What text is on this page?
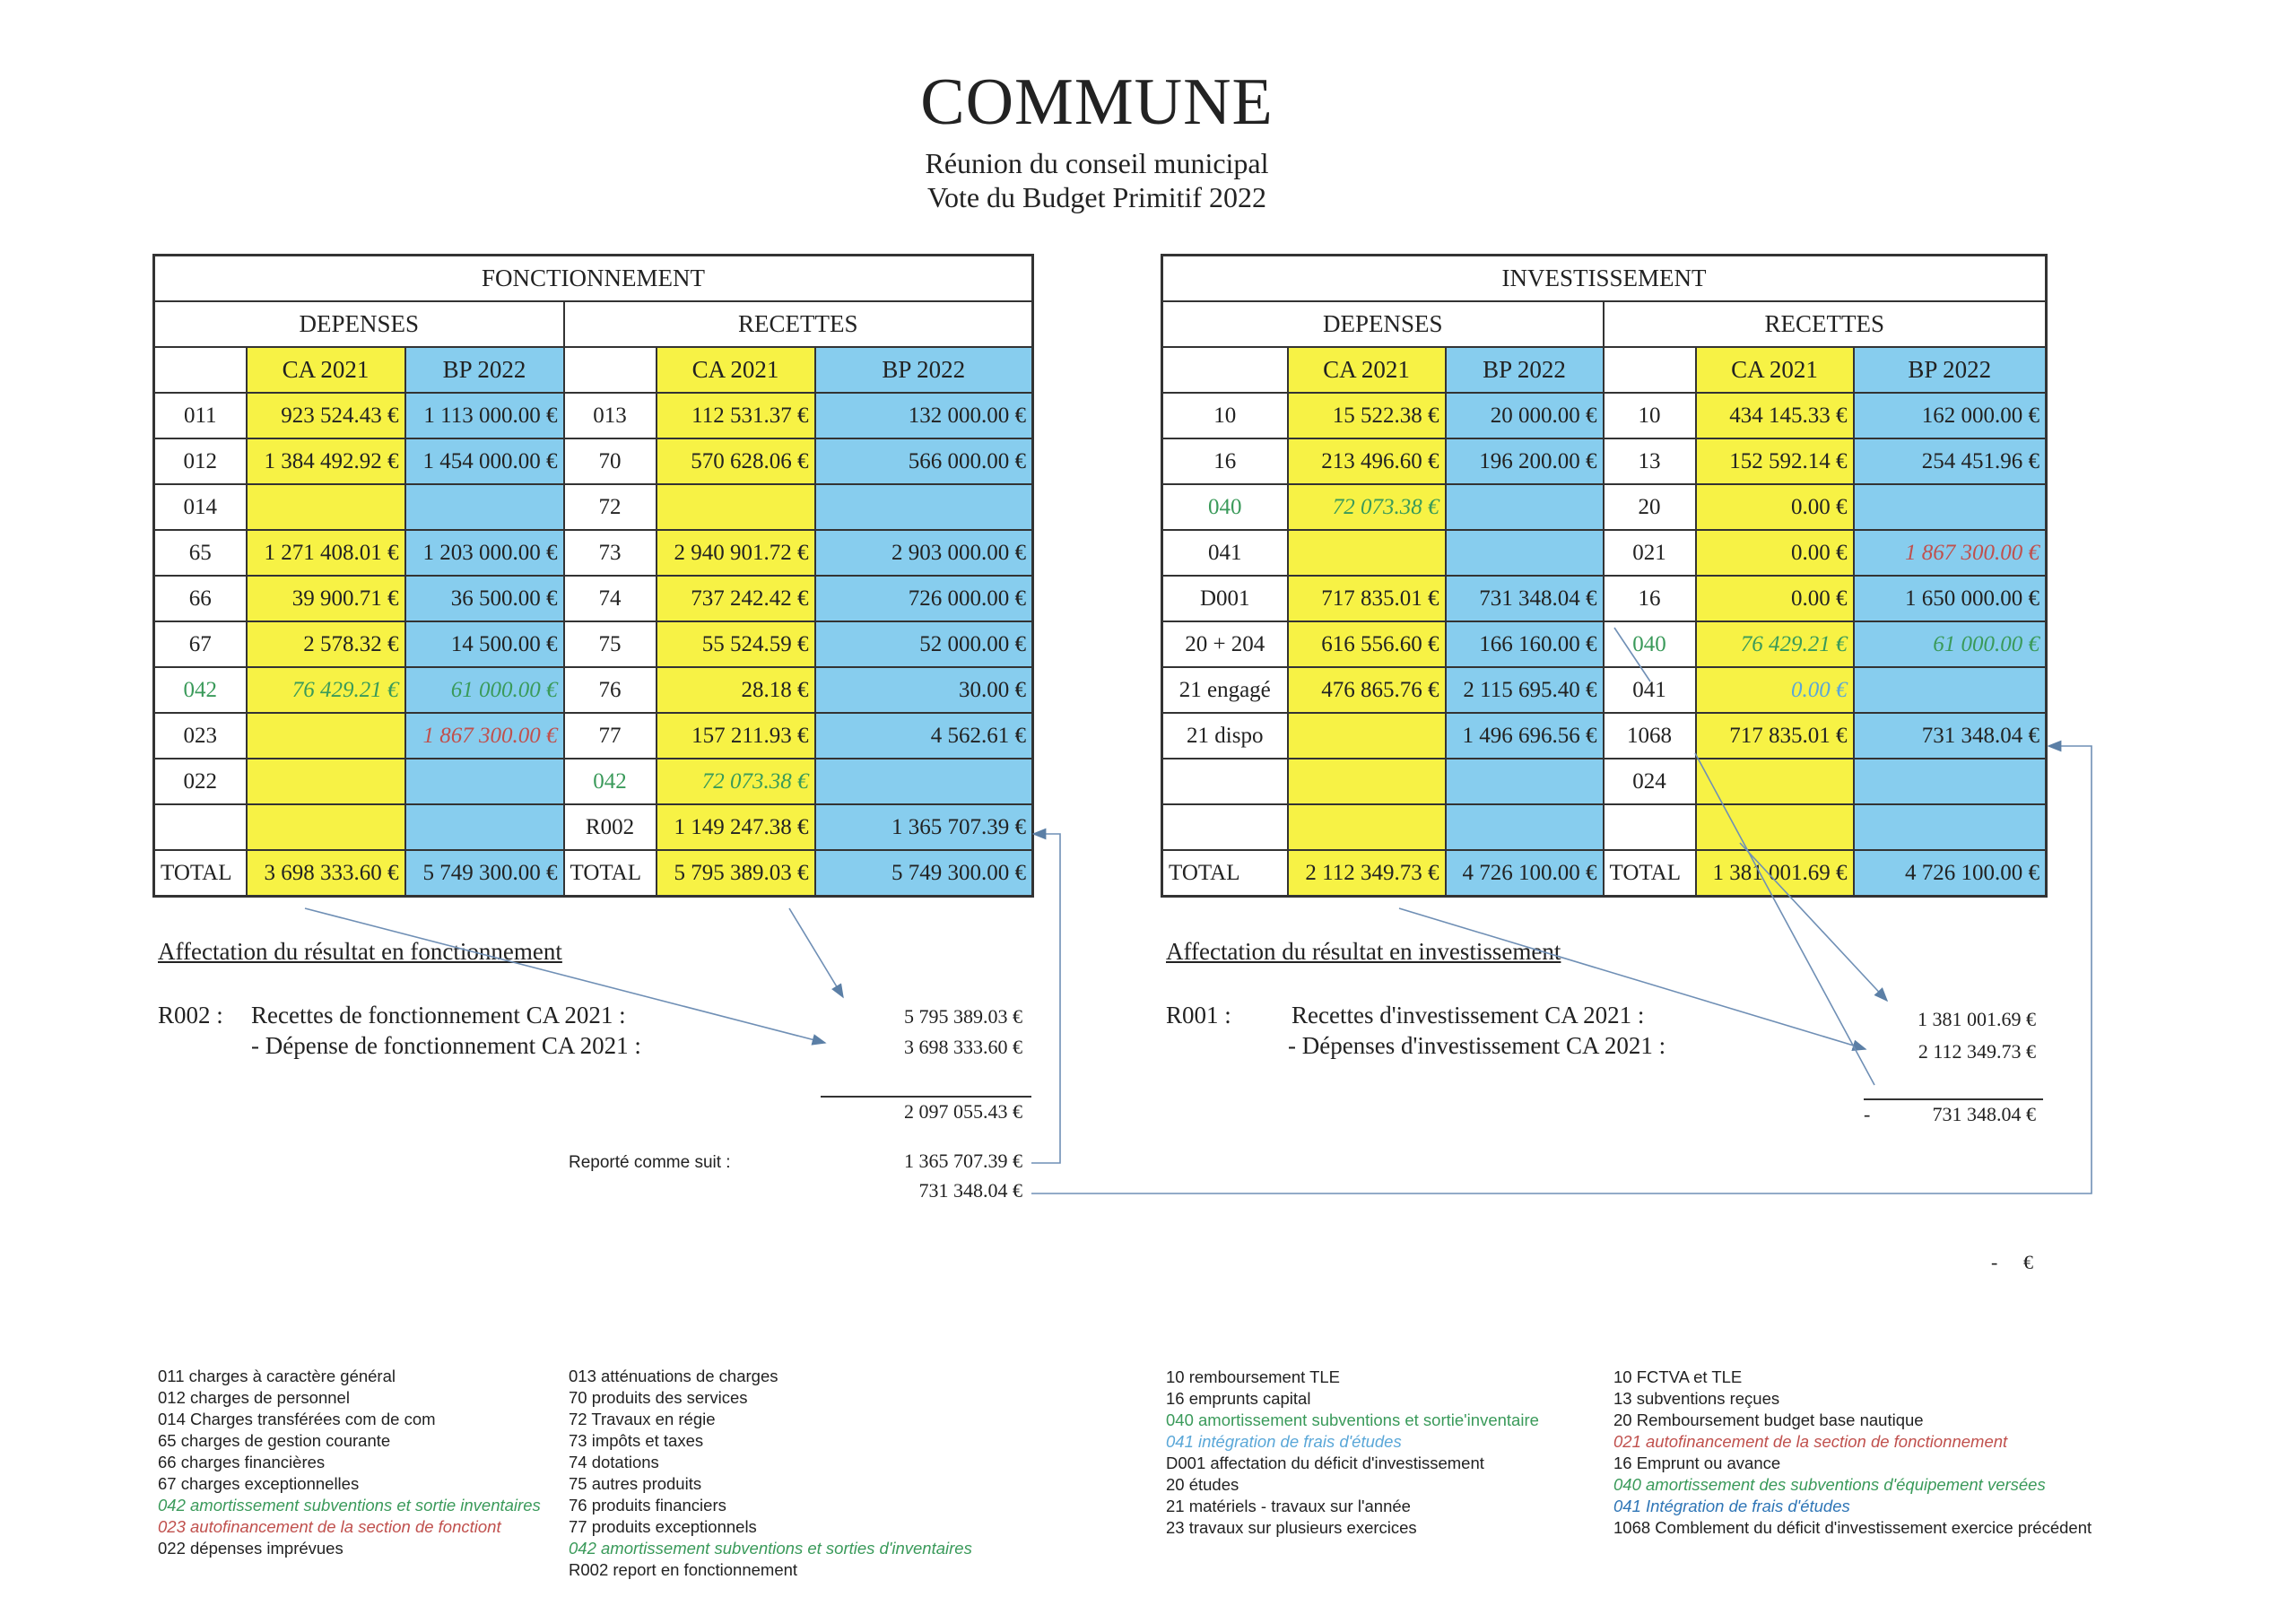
COMMUNE
Réunion du conseil municipal
Vote du Budget Primitif 2022
FONCTIONNEMENT					
DEPENSES			RECETTES		
	CA 2021	BP 2022		CA 2021	BP 2022
011	923 524.43 €	1 113 000.00 €	013	112 531.37 €	132 000.00 €
012	1 384 492.92 €	1 454 000.00 €	70	570 628.06 €	566 000.00 €
014			72		
65	1 271 408.01 €	1 203 000.00 €	73	2 940 901.72 €	2 903 000.00 €
66	39 900.71 €	36 500.00 €	74	737 242.42 €	726 000.00 €
67	2 578.32 €	14 500.00 €	75	55 524.59 €	52 000.00 €
042	76 429.21 €	61 000.00 €	76	28.18 €	30.00 €
023		1 867 300.00 €	77	157 211.93 €	4 562.61 €
022			042	72 073.38 €	
			R002	1 149 247.38 €	1 365 707.39 €
TOTAL	3 698 333.60 €	5 749 300.00 €	TOTAL	5 795 389.03 €	5 749 300.00 €
INVESTISSEMENT					
DEPENSES			RECETTES		
	CA 2021	BP 2022		CA 2021	BP 2022
10	15 522.38 €	20 000.00 €	10	434 145.33 €	162 000.00 €
16	213 496.60 €	196 200.00 €	13	152 592.14 €	254 451.96 €
040	72 073.38 €		20	0.00 €	
041			021	0.00 €	1 867 300.00 €
D001	717 835.01 €	731 348.04 €	16	0.00 €	1 650 000.00 €
20 + 204	616 556.60 €	166 160.00 €	040	76 429.21 €	61 000.00 €
21 engagé	476 865.76 €	2 115 695.40 €	041	0.00 €	
21 dispo		1 496 696.56 €	1068	717 835.01 €	731 348.04 €
			024		

TOTAL	2 112 349.73 €	4 726 100.00 €	TOTAL	1 381 001.69 €	4 726 100.00 €
Affectation du résultat en fonctionnement
R002 : Recettes de fonctionnement CA 2021 :
- Dépense de fonctionnement CA 2021 :
5 795 389.03 €
3 698 333.60 €
2 097 055.43 €
Reporté comme suit :	1 365 707.39 €
731 348.04 €
Affectation du résultat en investissement
R001 : Recettes d'investissement CA 2021 :
- Dépenses d'investissement CA 2021 :
1 381 001.69 €
2 112 349.73 €
-	731 348.04 €
- €
011 charges à caractère général
012 charges de personnel
014 Charges transférées com de com
65 charges de gestion courante
66 charges financières
67 charges exceptionnelles
042 amortissement subventions et sortie inventaires
023 autofinancement de la section de fonctiont
022 dépenses imprévues
013 atténuations de charges
70 produits des services
72 Travaux en régie
73 impôts et taxes
74 dotations
75 autres produits
76 produits financiers
77 produits exceptionnels
042 amortissement subventions et sorties d'inventaires
R002 report en fonctionnement
10 remboursement TLE
16 emprunts capital
040 amortissement subventions et sortie'inventaire
041 intégration de frais d'études
D001 affectation du déficit d'investissement
20 études
21 matériels - travaux sur l'année
23 travaux sur plusieurs exercices
10 FCTVA et TLE
13 subventions reçues
20 Remboursement budget base nautique
021 autofinancement de la section de fonctionnement
16 Emprunt ou avance
040 amortissement des subventions d'équipement versées
041 Intégration de frais d'études
1068 Comblement du déficit d'investissement exercice précédent
